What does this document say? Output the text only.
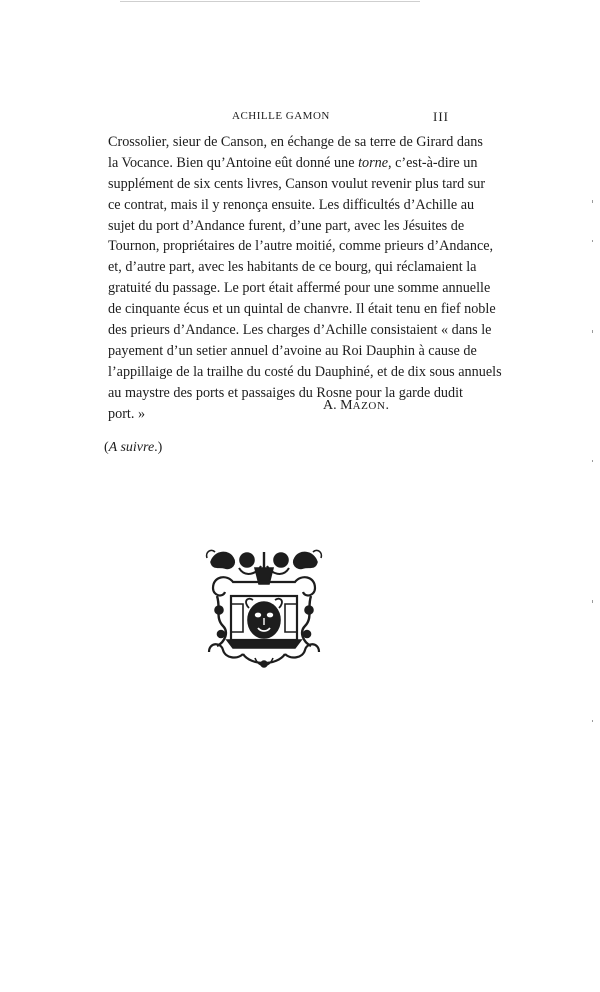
ACHILLE GAMON	III
Crossolier, sieur de Canson, en échange de sa terre de Girard dans
la Vocance. Bien qu’Antoine eût donné une torne, c’est-à-dire un
supplément de six cents livres, Canson voulut revenir plus tard sur
ce contrat, mais il y renonça ensuite. Les difficultés d’Achille au
sujet du port d’Andance furent, d’une part, avec les Jésuites de
Tournon, propriétaires de l’autre moitié, comme prieurs d’Andance,
et, d’autre part, avec les habitants de ce bourg, qui réclamaient la
gratuité du passage. Le port était affermé pour une somme annuelle
de cinquante écus et un quintal de chanvre. Il était tenu en fief noble
des prieurs d’Andance. Les charges d’Achille consistaient « dans le
payement d’un setier annuel d’avoine au Roi Dauphin à cause de
l’appillaige de la trailhe du costé du Dauphiné, et de dix sous annuels
au maystre des ports et passaiges du Rosne pour la garde dudit
port. »
A. MAZON.
(A suivre.)
